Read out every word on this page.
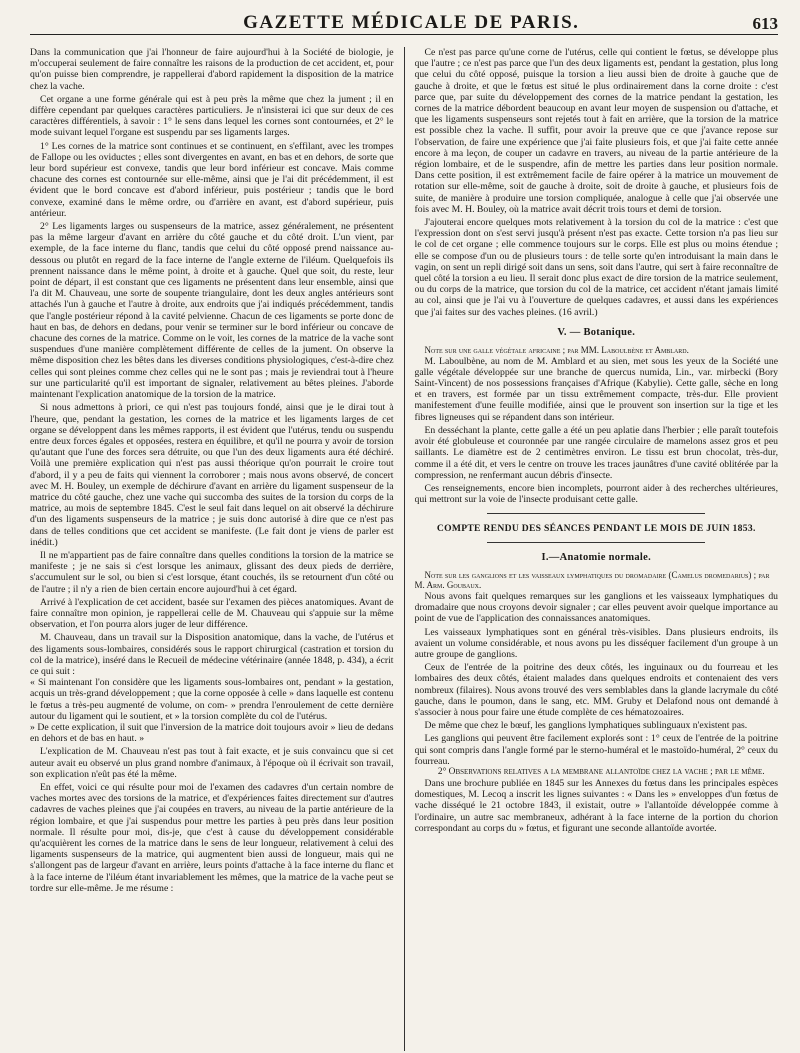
GAZETTE MÉDICALE DE PARIS.	613

Dans la communication que j'ai l'honneur de faire aujourd'hui à la Société de biologie, je m'occuperai seulement de faire connaître les raisons de la production de cet accident, et, pour qu'on puisse bien comprendre, je rappellerai d'abord rapidement la disposition de la matrice chez la vache.

Cet organe a une forme générale qui est à peu près la même que chez la jument ; il en diffère cependant par quelques caractères particuliers. Je n'insisterai ici que sur deux de ces caractères différentiels, à savoir : 1° le sens dans lequel les cornes sont contournées, et 2° le mode suivant lequel l'organe est suspendu par ses ligaments larges.

1° Les cornes de la matrice sont continues et se continuent, en s'effilant, avec les trompes de Fallope ou les oviductes ; elles sont divergentes en avant, en bas et en dehors, de sorte que leur bord supérieur est convexe, tandis que leur bord inférieur est concave. Mais comme chacune des cornes est contournée sur elle-même, ainsi que je l'ai dit précédemment, il est évident que le bord concave est d'abord inférieur, puis postérieur ; tandis que le bord convexe, examiné dans le même ordre, ou d'arrière en avant, est d'abord supérieur, puis antérieur.

2° Les ligaments larges ou suspenseurs de la matrice, assez généralement, ne présentent pas la même largeur d'avant en arrière du côté gauche et du côté droit. L'un vient, par exemple, de la face interne du flanc, tandis que celui du côté opposé prend naissance au-dessous ou plutôt en regard de la face interne de l'angle externe de l'iléum. Quelquefois ils prennent naissance dans le même point, à droite et à gauche. Quel que soit, du reste, leur point de départ, il est constant que ces ligaments ne présentent dans leur ensemble, ainsi que l'a dit M. Chauveau, une sorte de soupente triangulaire, dont les deux angles antérieurs sont attachés l'un à gauche et l'autre à droite, aux endroits que j'ai indiqués précédemment, tandis que l'angle postérieur répond à la cavité pelvienne. Chacun de ces ligaments se porte donc de haut en bas, de dehors en dedans, pour venir se terminer sur le bord inférieur ou concave de chacune des cornes de la matrice. Comme on le voit, les cornes de la matrice de la vache sont suspendues d'une manière complètement différente de celles de la jument. On observe la même disposition chez les bêtes dans les diverses conditions physiologiques, c'est-à-dire chez celles qui sont pleines comme chez celles qui ne le sont pas ; mais je reviendrai tout à l'heure sur une particularité qu'il est important de signaler, relativement au bêtes pleines. J'aborde maintenant l'explication anatomique de la torsion de la matrice.

Si nous admettons à priori, ce qui n'est pas toujours fondé, ainsi que je le dirai tout à l'heure, que, pendant la gestation, les cornes de la matrice et les ligaments larges de cet organe se développent dans les mêmes rapports, il est évident que l'utérus, tendu ou suspendu entre deux forces égales et opposées, restera en équilibre, et qu'il ne pourra y avoir de torsion qu'autant que l'une des forces sera détruite, ou que l'un des deux ligaments aura été déchiré. Voilà une première explication qui n'est pas aussi théorique qu'on pourrait le croire tout d'abord, il y a peu de faits qui viennent la corroborer ; mais nous avons observé, de concert avec M. H. Bouley, un exemple de déchirure d'avant en arrière du ligament suspenseur de la matrice du côté gauche, chez une vache qui succomba des suites de la torsion du corps de la matrice, au mois de septembre 1845. C'est le seul fait dans lequel on ait observé la déchirure d'un des ligaments suspenseurs de la matrice ; je suis donc autorisé à dire que ce n'est pas dans de telles conditions que cet accident se manifeste. (Le fait dont je viens de parler est inédit.)

Il ne m'appartient pas de faire connaître dans quelles conditions la torsion de la matrice se manifeste ; je ne sais si c'est lorsque les animaux, glissant des deux pieds de derrière, s'accumulent sur le sol, ou bien si c'est lorsque, étant couchés, ils se retournent d'un côté ou de l'autre ; il n'y a rien de bien certain encore aujourd'hui à cet égard.

Arrivé à l'explication de cet accident, basée sur l'examen des pièces anatomiques. Avant de faire connaître mon opinion, je rappellerai celle de M. Chauveau qui s'appuie sur la même observation, et l'on pourra alors juger de leur différence.

M. Chauveau, dans un travail sur la Disposition anatomique, dans la vache, de l'utérus et des ligaments sous-lombaires, considérés sous le rapport chirurgical (castration et torsion du col de la matrice), inséré dans le Recueil de médecine vétérinaire (année 1848, p. 434), a écrit ce qui suit :

« Si maintenant l'on considère que les ligaments sous-lombaires ont, pendant » la gestation, acquis un très-grand développement ; que la corne opposée à celle » dans laquelle est contenu le fœtus a très-peu augmenté de volume, on com- » prendra l'enroulement de cette dernière autour du ligament qui le soutient, et » la torsion complète du col de l'utérus.

» De cette explication, il suit que l'inversion de la matrice doit toujours avoir » lieu de dedans en dehors et de bas en haut. »

L'explication de M. Chauveau n'est pas tout à fait exacte, et je suis convaincu que si cet auteur avait eu observé un plus grand nombre d'animaux, à l'époque où il écrivait son travail, son explication n'eût pas été la même.

En effet, voici ce qui résulte pour moi de l'examen des cadavres d'un certain nombre de vaches mortes avec des torsions de la matrice, et d'expériences faites directement sur d'autres cadavres de vaches pleines que j'ai coupées en travers, au niveau de la partie antérieure de la région lombaire, et que j'ai suspendus pour mettre les parties à peu près dans leur position normale. Il résulte pour moi, dis-je, que c'est à cause du développement considérable qu'acquièrent les cornes de la matrice dans le sens de leur longueur, relativement à celui des ligaments suspenseurs de la matrice, qui augmentent bien aussi de longueur, mais qui ne s'allongent pas de largeur d'avant en arrière, leurs points d'attache à la face interne du flanc et à la face interne de l'iléum étant invariablement les mêmes, que la matrice de la vache peut se tordre sur elle-même. Je me résume :

Ce n'est pas parce qu'une corne de l'utérus, celle qui contient le fœtus, se développe plus que l'autre ; ce n'est pas parce que l'un des deux ligaments est, pendant la gestation, plus long que celui du côté opposé, puisque la torsion a lieu aussi bien de droite à gauche que de gauche à droite, et que le fœtus est situé le plus ordinairement dans la corne droite : c'est parce que, par suite du développement des cornes de la matrice pendant la gestation, les cornes de la matrice débordent beaucoup en avant leur moyen de suspension ou d'attache, et que les ligaments suspenseurs sont rejetés tout à fait en arrière, que la torsion de la matrice est possible chez la vache. Il suffit, pour avoir la preuve que ce que j'avance repose sur l'observation, de faire une expérience que j'ai faite plusieurs fois, et que j'ai faite cette année encore à ma leçon, de couper un cadavre en travers, au niveau de la partie antérieure de la région lombaire, et de le suspendre, afin de mettre les parties dans leur position normale. Dans cette position, il est extrêmement facile de faire opérer à la matrice un mouvement de rotation sur elle-même, soit de gauche à droite, soit de droite à gauche, et plusieurs fois de suite, de manière à produire une torsion compliquée, analogue à celle que j'ai observée une fois avec M. H. Bouley, où la matrice avait décrit trois tours et demi de torsion.

J'ajouterai encore quelques mots relativement à la torsion du col de la matrice : c'est que l'expression dont on s'est servi jusqu'à présent n'est pas exacte. Cette torsion n'a pas lieu sur le col de cet organe ; elle commence toujours sur le corps. Elle est plus ou moins étendue ; elle se compose d'un ou de plusieurs tours : de telle sorte qu'en introduisant la main dans le vagin, on sent un repli dirigé soit dans un sens, soit dans l'autre, qui sert à faire reconnaître de quel côté la torsion a eu lieu. Il serait donc plus exact de dire torsion de la matrice seulement, ou du corps de la matrice, que torsion du col de la matrice, cet accident n'étant jamais limité au col, ainsi que je l'ai vu à l'ouverture de quelques cadavres, et aussi dans les expériences que j'ai faites sur des vaches pleines. (16 avril.)

V. — Botanique.

Note sur une galle végétale africaine ; par MM. Laboulbène et Amblard.

M. Laboulbène, au nom de M. Amblard et au sien, met sous les yeux de la Société une galle végétale développée sur une branche de quercus numida, Lin., var. mirbecki (Bory Saint-Vincent) de nos possessions françaises d'Afrique (Kabylie). Cette galle, sèche en long et en travers, est formée par un tissu extrêmement compacte, très-dur. Elle provient manifestement d'une feuille modifiée, ainsi que le prouvent son insertion sur la tige et les fibres ligneuses qui se répandent dans son intérieur.

En desséchant la plante, cette galle a été un peu aplatie dans l'herbier ; elle paraît toutefois avoir été globuleuse et couronnée par une rangée circulaire de mamelons assez gros et peu saillants. Le diamètre est de 2 centimètres environ. Le tissu est brun chocolat, très-dur, comme il a été dit, et vers le centre on trouve les traces jaunâtres d'une cavité oblitérée par la compression, ne renfermant aucun débris d'insecte.

Ces renseignements, encore bien incomplets, pourront aider à des recherches ultérieures, qui mettront sur la voie de l'insecte produisant cette galle.

COMPTE RENDU DES SÉANCES PENDANT LE MOIS DE JUIN 1853.
I.—Anatomie normale.

Note sur les ganglions et les vaisseaux lymphatiques du dromadaire (Camelus dromedarius) ; par M. Arm. Goubaux.

Nous avons fait quelques remarques sur les ganglions et les vaisseaux lymphatiques du dromadaire que nous croyons devoir signaler ; car elles peuvent avoir quelque importance au point de vue de l'application des connaissances anatomiques.

Les vaisseaux lymphatiques sont en général très-visibles. Dans plusieurs endroits, ils avaient un volume considérable, et nous avons pu les disséquer facilement d'un groupe à un autre groupe de ganglions.

Ceux de l'entrée de la poitrine des deux côtés, les inguinaux ou du fourreau et les lombaires des deux côtés, étaient malades dans quelques endroits et contenaient des vers nombreux (filaires). Nous avons trouvé des vers semblables dans la glande lacrymale du côté gauche, dans le poumon, dans le sang, etc. MM. Gruby et Delafond nous ont demandé à s'associer à nous pour faire une étude complète de ces hématozoaires.

De même que chez le bœuf, les ganglions lymphatiques sublinguaux n'existent pas.

Les ganglions qui peuvent être facilement explorés sont : 1° ceux de l'entrée de la poitrine qui sont compris dans l'angle formé par le sterno-huméral et le mastoïdo-huméral, 2° ceux du fourreau.

2° Observations relatives a la membrane allantoïde chez la vache ; par le même.

Dans une brochure publiée en 1845 sur les Annexes du fœtus dans les principales espèces domestiques, M. Lecoq a inscrit les lignes suivantes : « Dans les » enveloppes d'un fœtus de vache disséqué le 21 octobre 1843, il existait, outre » l'allantoïde développée comme à l'ordinaire, un autre sac membraneux, adhérant à la face interne de la portion du chorion correspondant au corps du » fœtus, et figurant une seconde allantoïde avortée.
